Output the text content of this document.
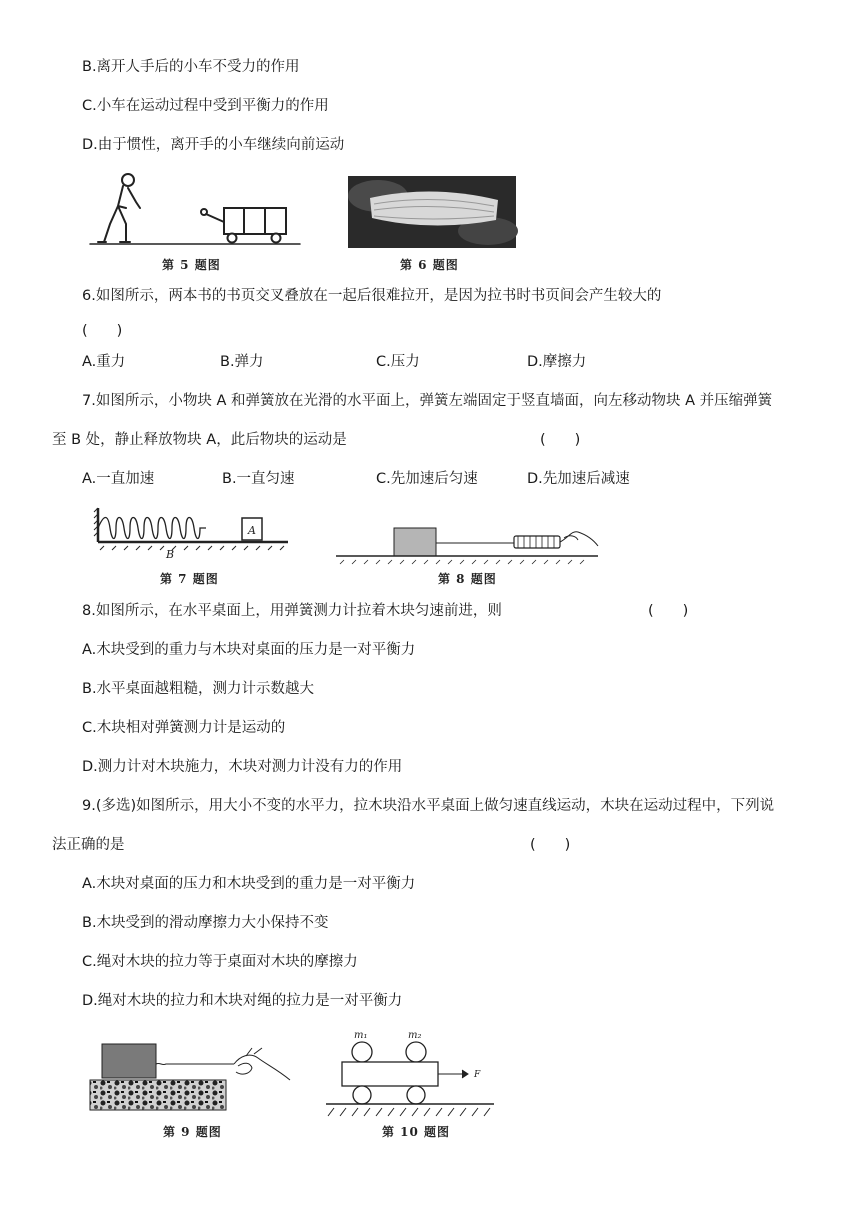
B.离开人手后的小车不受力的作用
C.小车在运动过程中受到平衡力的作用
D.由于惯性，离开手的小车继续向前运动
第 5 题图	第 6 题图
6.如图所示，两本书的书页交叉叠放在一起后很难拉开，是因为拉书时书页间会产生较大的
(　　)
A.重力	B.弹力	C.压力	D.摩擦力
7.如图所示，小物块 A 和弹簧放在光滑的水平面上，弹簧左端固定于竖直墙面，向左移动物块 A 并压缩弹簧
至 B 处，静止释放物块 A，此后物块的运动是	(　　)
A.一直加速	B.一直匀速	C.先加速后匀速	D.先加速后减速
A
B
第 7 题图	第 8 题图
8.如图所示，在水平桌面上，用弹簧测力计拉着木块匀速前进，则	(　　)
A.木块受到的重力与木块对桌面的压力是一对平衡力
B.水平桌面越粗糙，测力计示数越大
C.木块相对弹簧测力计是运动的
D.测力计对木块施力，木块对测力计没有力的作用
9.(多选)如图所示，用大小不变的水平力，拉木块沿水平桌面上做匀速直线运动，木块在运动过程中，下列说
法正确的是	(　　)
A.木块对桌面的压力和木块受到的重力是一对平衡力
B.木块受到的滑动摩擦力大小保持不变
C.绳对木块的拉力等于桌面对木块的摩擦力
D.绳对木块的拉力和木块对绳的拉力是一对平衡力
第 9 题图
m₁	m₂
F
第 10 题图
